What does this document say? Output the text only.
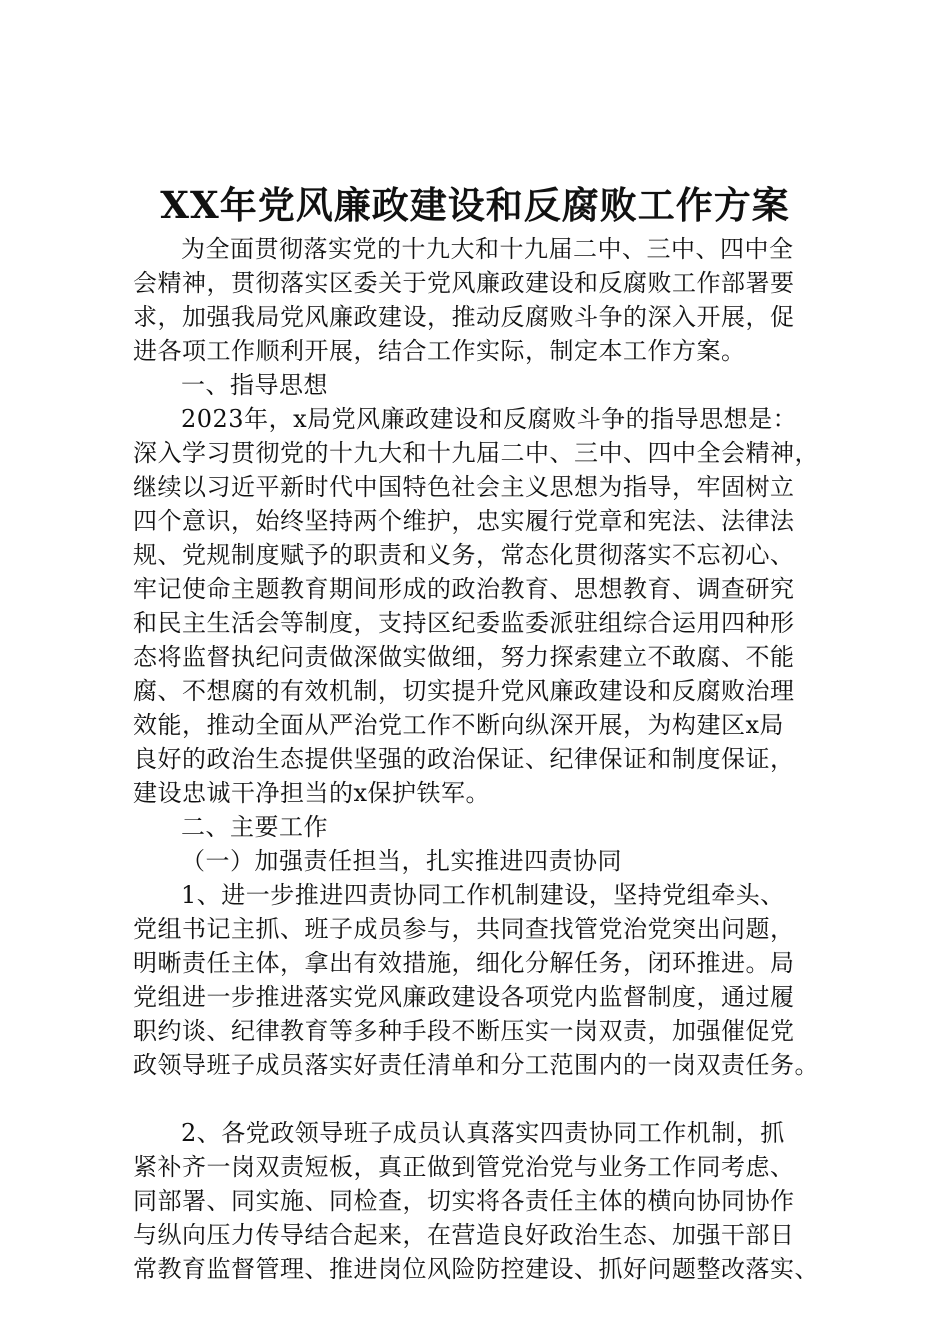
XX年党风廉政建设和反腐败工作方案
为全面贯彻落实党的十九大和十九届二中、三中、四中全
会精神，贯彻落实区委关于党风廉政建设和反腐败工作部署要
求，加强我局党风廉政建设，推动反腐败斗争的深入开展，促
进各项工作顺利开展，结合工作实际，制定本工作方案。
一、指导思想
2023年，x局党风廉政建设和反腐败斗争的指导思想是：
深入学习贯彻党的十九大和十九届二中、三中、四中全会精神，
继续以习近平新时代中国特色社会主义思想为指导，牢固树立
四个意识，始终坚持两个维护，忠实履行党章和宪法、法律法
规、党规制度赋予的职责和义务，常态化贯彻落实不忘初心、
牢记使命主题教育期间形成的政治教育、思想教育、调查研究
和民主生活会等制度，支持区纪委监委派驻组综合运用四种形
态将监督执纪问责做深做实做细，努力探索建立不敢腐、不能
腐、不想腐的有效机制，切实提升党风廉政建设和反腐败治理
效能，推动全面从严治党工作不断向纵深开展，为构建区x局
良好的政治生态提供坚强的政治保证、纪律保证和制度保证，
建设忠诚干净担当的x保护铁军。
二、主要工作
（一）加强责任担当，扎实推进四责协同
1、进一步推进四责协同工作机制建设，坚持党组牵头、
党组书记主抓、班子成员参与，共同查找管党治党突出问题，
明晰责任主体，拿出有效措施，细化分解任务，闭环推进。局
党组进一步推进落实党风廉政建设各项党内监督制度，通过履
职约谈、纪律教育等多种手段不断压实一岗双责，加强催促党
政领导班子成员落实好责任清单和分工范围内的一岗双责任务。
2、各党政领导班子成员认真落实四责协同工作机制，抓
紧补齐一岗双责短板，真正做到管党治党与业务工作同考虑、
同部署、同实施、同检查，切实将各责任主体的横向协同协作
与纵向压力传导结合起来，在营造良好政治生态、加强干部日
常教育监督管理、推进岗位风险防控建设、抓好问题整改落实、
